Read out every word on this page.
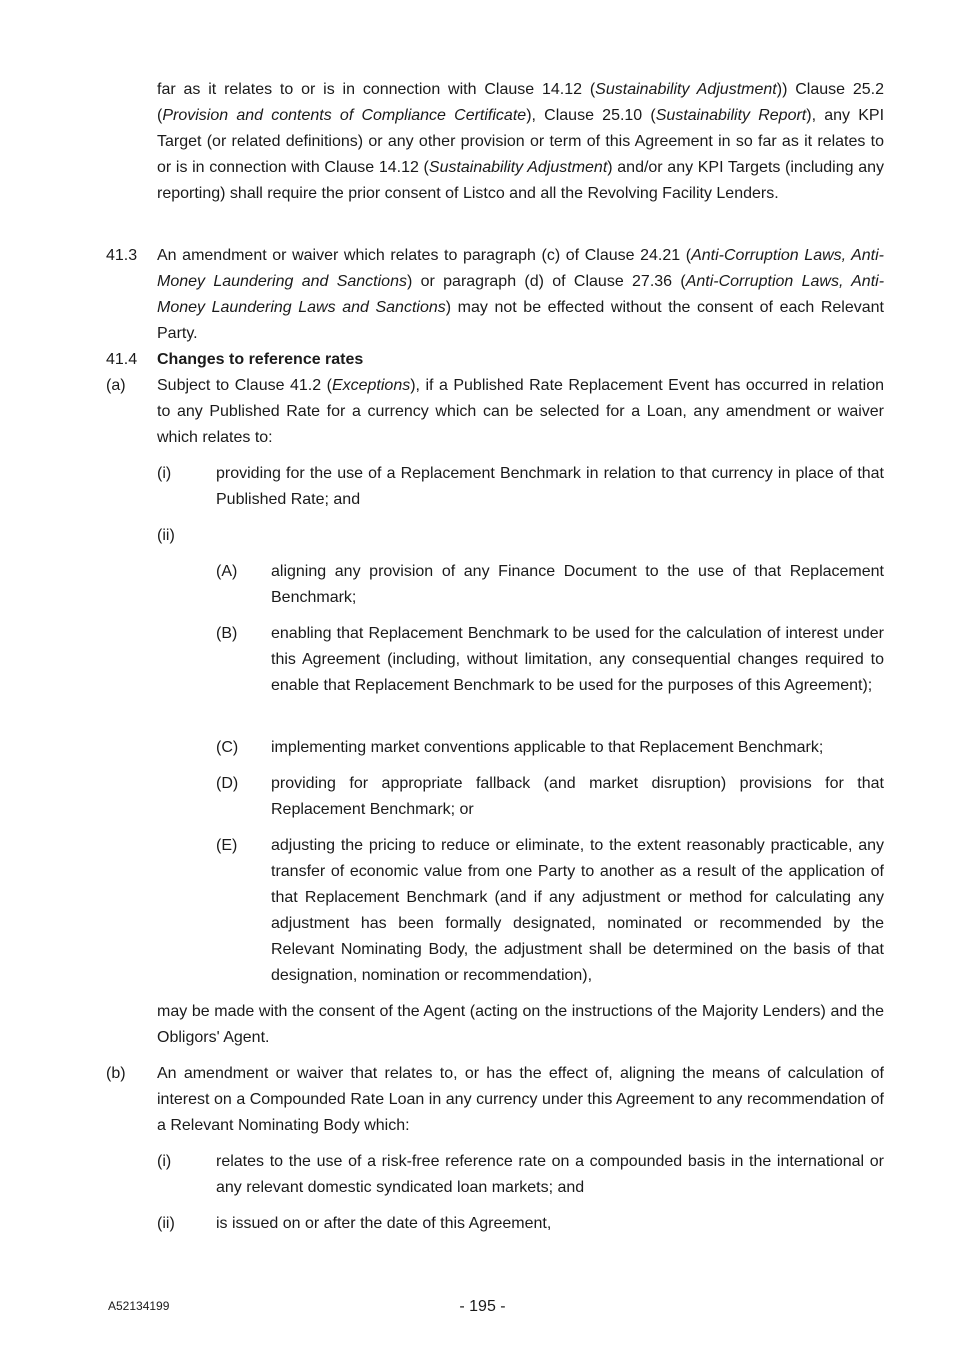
far as it relates to or is in connection with Clause 14.12 (Sustainability Adjustment)) Clause 25.2 (Provision and contents of Compliance Certificate), Clause 25.10 (Sustainability Report), any KPI Target (or related definitions) or any other provision or term of this Agreement in so far as it relates to or is in connection with Clause 14.12 (Sustainability Adjustment) and/or any KPI Targets (including any reporting) shall require the prior consent of Listco and all the Revolving Facility Lenders.

41.3 An amendment or waiver which relates to paragraph (c) of Clause 24.21 (Anti-Corruption Laws, Anti-Money Laundering and Sanctions) or paragraph (d) of Clause 27.36 (Anti-Corruption Laws, Anti-Money Laundering Laws and Sanctions) may not be effected without the consent of each Relevant Party.

41.4 Changes to reference rates

(a) Subject to Clause 41.2 (Exceptions), if a Published Rate Replacement Event has occurred in relation to any Published Rate for a currency which can be selected for a Loan, any amendment or waiver which relates to:

(i)	providing for the use of a Replacement Benchmark in relation to that currency in place of that Published Rate; and

(ii)

(A) aligning any provision of any Finance Document to the use of that Replacement Benchmark;

(B) enabling that Replacement Benchmark to be used for the calculation of interest under this Agreement (including, without limitation, any consequential changes required to enable that Replacement Benchmark to be used for the purposes of this Agreement);

(C) implementing market conventions applicable to that Replacement Benchmark;

(D) providing for appropriate fallback (and market disruption) provisions for that Replacement Benchmark; or

(E) adjusting the pricing to reduce or eliminate, to the extent reasonably practicable, any transfer of economic value from one Party to another as a result of the application of that Replacement Benchmark (and if any adjustment or method for calculating any adjustment has been formally designated, nominated or recommended by the Relevant Nominating Body, the adjustment shall be determined on the basis of that designation, nomination or recommendation),

may be made with the consent of the Agent (acting on the instructions of the Majority Lenders) and the Obligors' Agent.

(b) An amendment or waiver that relates to, or has the effect of, aligning the means of calculation of interest on a Compounded Rate Loan in any currency under this Agreement to any recommendation of a Relevant Nominating Body which:

(i)	relates to the use of a risk-free reference rate on a compounded basis in the international or any relevant domestic syndicated loan markets; and

(ii)	is issued on or after the date of this Agreement,

A52134199	- 195 -
